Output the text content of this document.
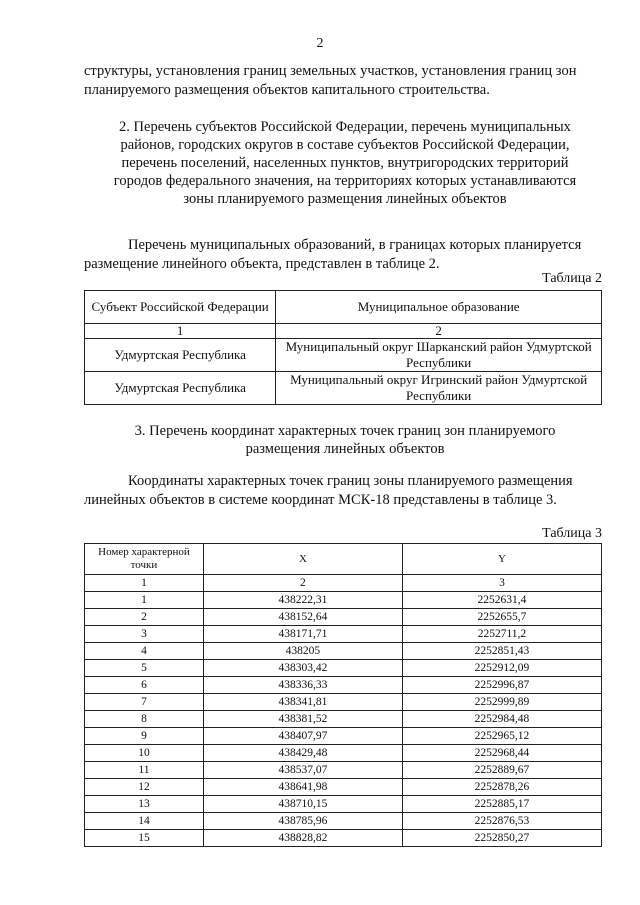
2
структуры, установления границ земельных участков, установления границ зон планируемого размещения объектов капитального строительства.
2. Перечень субъектов Российской Федерации, перечень муниципальных районов, городских округов в составе субъектов Российской Федерации, перечень поселений, населенных пунктов, внутригородских территорий городов федерального значения, на территориях которых устанавливаются зоны планируемого размещения линейных объектов
Перечень муниципальных образований, в границах которых планируется размещение линейного объекта, представлен в таблице 2.
Таблица 2
Субъект Российской Федерации	Муниципальное образование
1	2
Удмуртская Республика	Муниципальный округ Шарканский район Удмуртской Республики
Удмуртская Республика	Муниципальный округ Игринский район Удмуртской Республики
3. Перечень координат характерных точек границ зон планируемого размещения линейных объектов
Координаты характерных точек границ зоны планируемого размещения линейных объектов в системе координат МСК-18 представлены в таблице 3.
Таблица 3
Номер характерной точки	X	Y
1	2	3
1	438222,31	2252631,4
2	438152,64	2252655,7
3	438171,71	2252711,2
4	438205	2252851,43
5	438303,42	2252912,09
6	438336,33	2252996,87
7	438341,81	2252999,89
8	438381,52	2252984,48
9	438407,97	2252965,12
10	438429,48	2252968,44
11	438537,07	2252889,67
12	438641,98	2252878,26
13	438710,15	2252885,17
14	438785,96	2252876,53
15	438828,82	2252850,27
